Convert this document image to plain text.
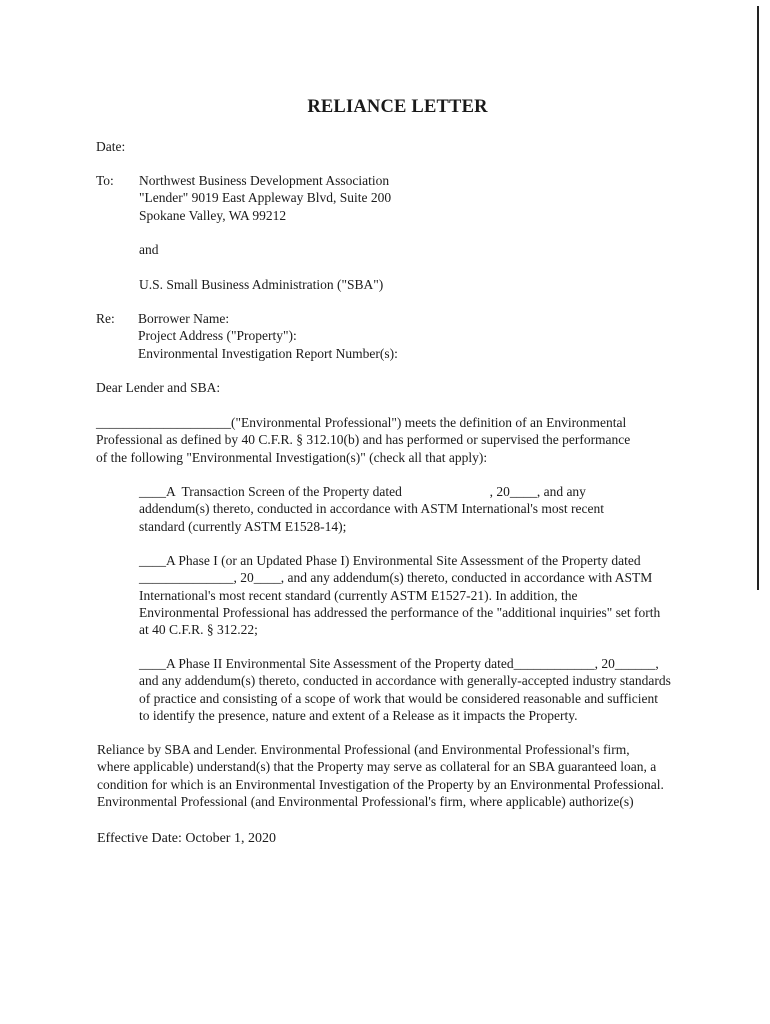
RELIANCE LETTER
Date:
To: Northwest Business Development Association
"Lender" 9019 East Appleway Blvd, Suite 200
Spokane Valley, WA 99212
and
U.S. Small Business Administration ("SBA")
Re: Borrower Name:
Project Address ("Property"):
Environmental Investigation Report Number(s):
Dear Lender and SBA:
____________________("Environmental Professional") meets the definition of an Environmental
Professional as defined by 40 C.F.R. § 312.10(b) and has performed or supervised the performance
of the following "Environmental Investigation(s)" (check all that apply):
____A  Transaction Screen of the Property dated                          , 20____, and any
addendum(s) thereto, conducted in accordance with ASTM International's most recent
standard (currently ASTM E1528-14);
____A Phase I (or an Updated Phase I) Environmental Site Assessment of the Property dated
______________, 20____, and any addendum(s) thereto, conducted in accordance with ASTM
International's most recent standard (currently ASTM E1527-21). In addition, the
Environmental Professional has addressed the performance of the "additional inquiries" set forth
at 40 C.F.R. § 312.22;
____A Phase II Environmental Site Assessment of the Property dated____________, 20______,
and any addendum(s) thereto, conducted in accordance with generally-accepted industry standards
of practice and consisting of a scope of work that would be considered reasonable and sufficient
to identify the presence, nature and extent of a Release as it impacts the Property.
Reliance by SBA and Lender. Environmental Professional (and Environmental Professional's firm,
where applicable) understand(s) that the Property may serve as collateral for an SBA guaranteed loan, a
condition for which is an Environmental Investigation of the Property by an Environmental Professional.
Environmental Professional (and Environmental Professional's firm, where applicable) authorize(s)
Effective Date: October 1, 2020
